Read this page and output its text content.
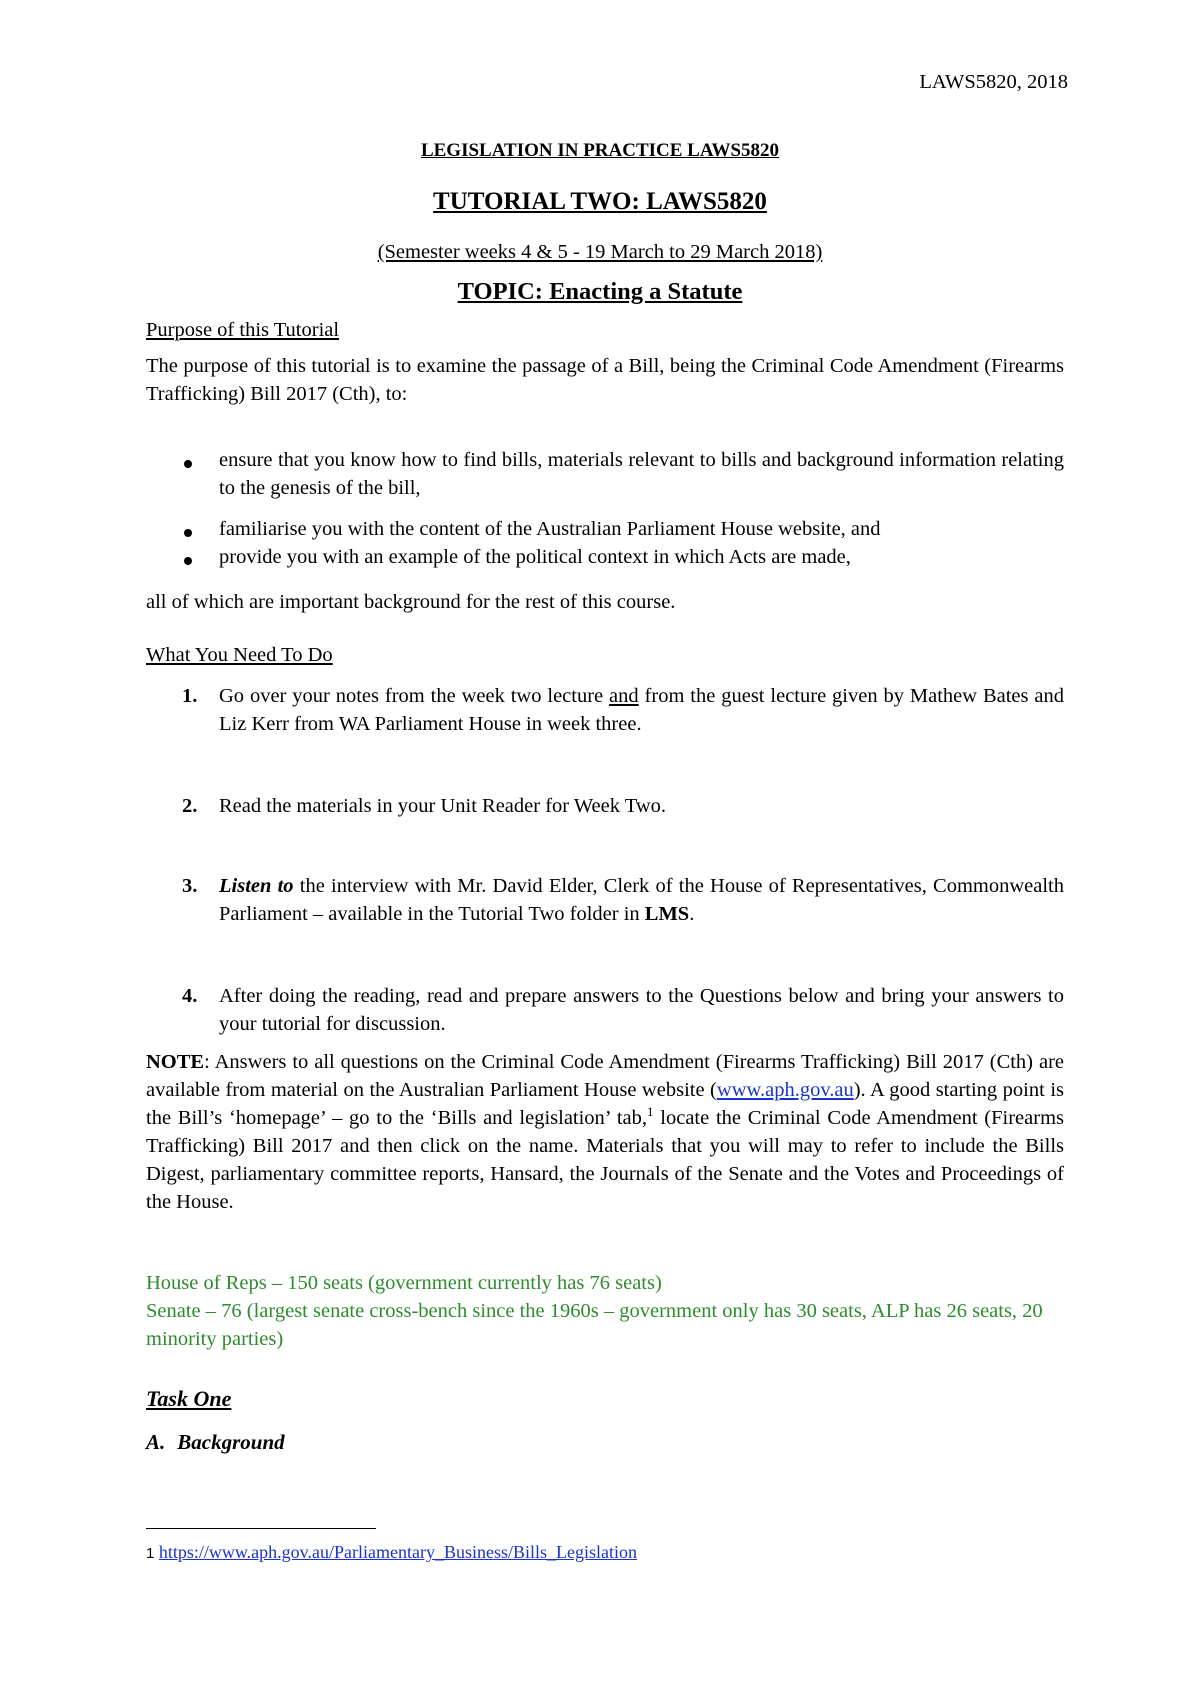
LAWS5820, 2018
LEGISLATION IN PRACTICE LAWS5820
TUTORIAL TWO: LAWS5820
(Semester weeks 4 & 5 - 19 March to 29 March 2018)
TOPIC: Enacting a Statute
Purpose of this Tutorial
The purpose of this tutorial is to examine the passage of a Bill, being the Criminal Code Amendment (Firearms Trafficking) Bill 2017 (Cth), to:
ensure that you know how to find bills, materials relevant to bills and background information relating to the genesis of the bill,
familiarise you with the content of the Australian Parliament House website, and
provide you with an example of the political context in which Acts are made,
all of which are important background for the rest of this course.
What You Need To Do
1. Go over your notes from the week two lecture and from the guest lecture given by Mathew Bates and Liz Kerr from WA Parliament House in week three.
2. Read the materials in your Unit Reader for Week Two.
3. Listen to the interview with Mr. David Elder, Clerk of the House of Representatives, Commonwealth Parliament – available in the Tutorial Two folder in LMS.
4. After doing the reading, read and prepare answers to the Questions below and bring your answers to your tutorial for discussion.
NOTE: Answers to all questions on the Criminal Code Amendment (Firearms Trafficking) Bill 2017 (Cth) are available from material on the Australian Parliament House website (www.aph.gov.au). A good starting point is the Bill’s ‘homepage’ – go to the ‘Bills and legislation’ tab,$^1$ locate the Criminal Code Amendment (Firearms Trafficking) Bill 2017 and then click on the name. Materials that you will may to refer to include the Bills Digest, parliamentary committee reports, Hansard, the Journals of the Senate and the Votes and Proceedings of the House.
House of Reps – 150 seats (government currently has 76 seats)
Senate – 76 (largest senate cross-bench since the 1960s – government only has 30 seats, ALP has 26 seats, 20 minority parties)
Task One
A. Background
1 https://www.aph.gov.au/Parliamentary_Business/Bills_Legislation
